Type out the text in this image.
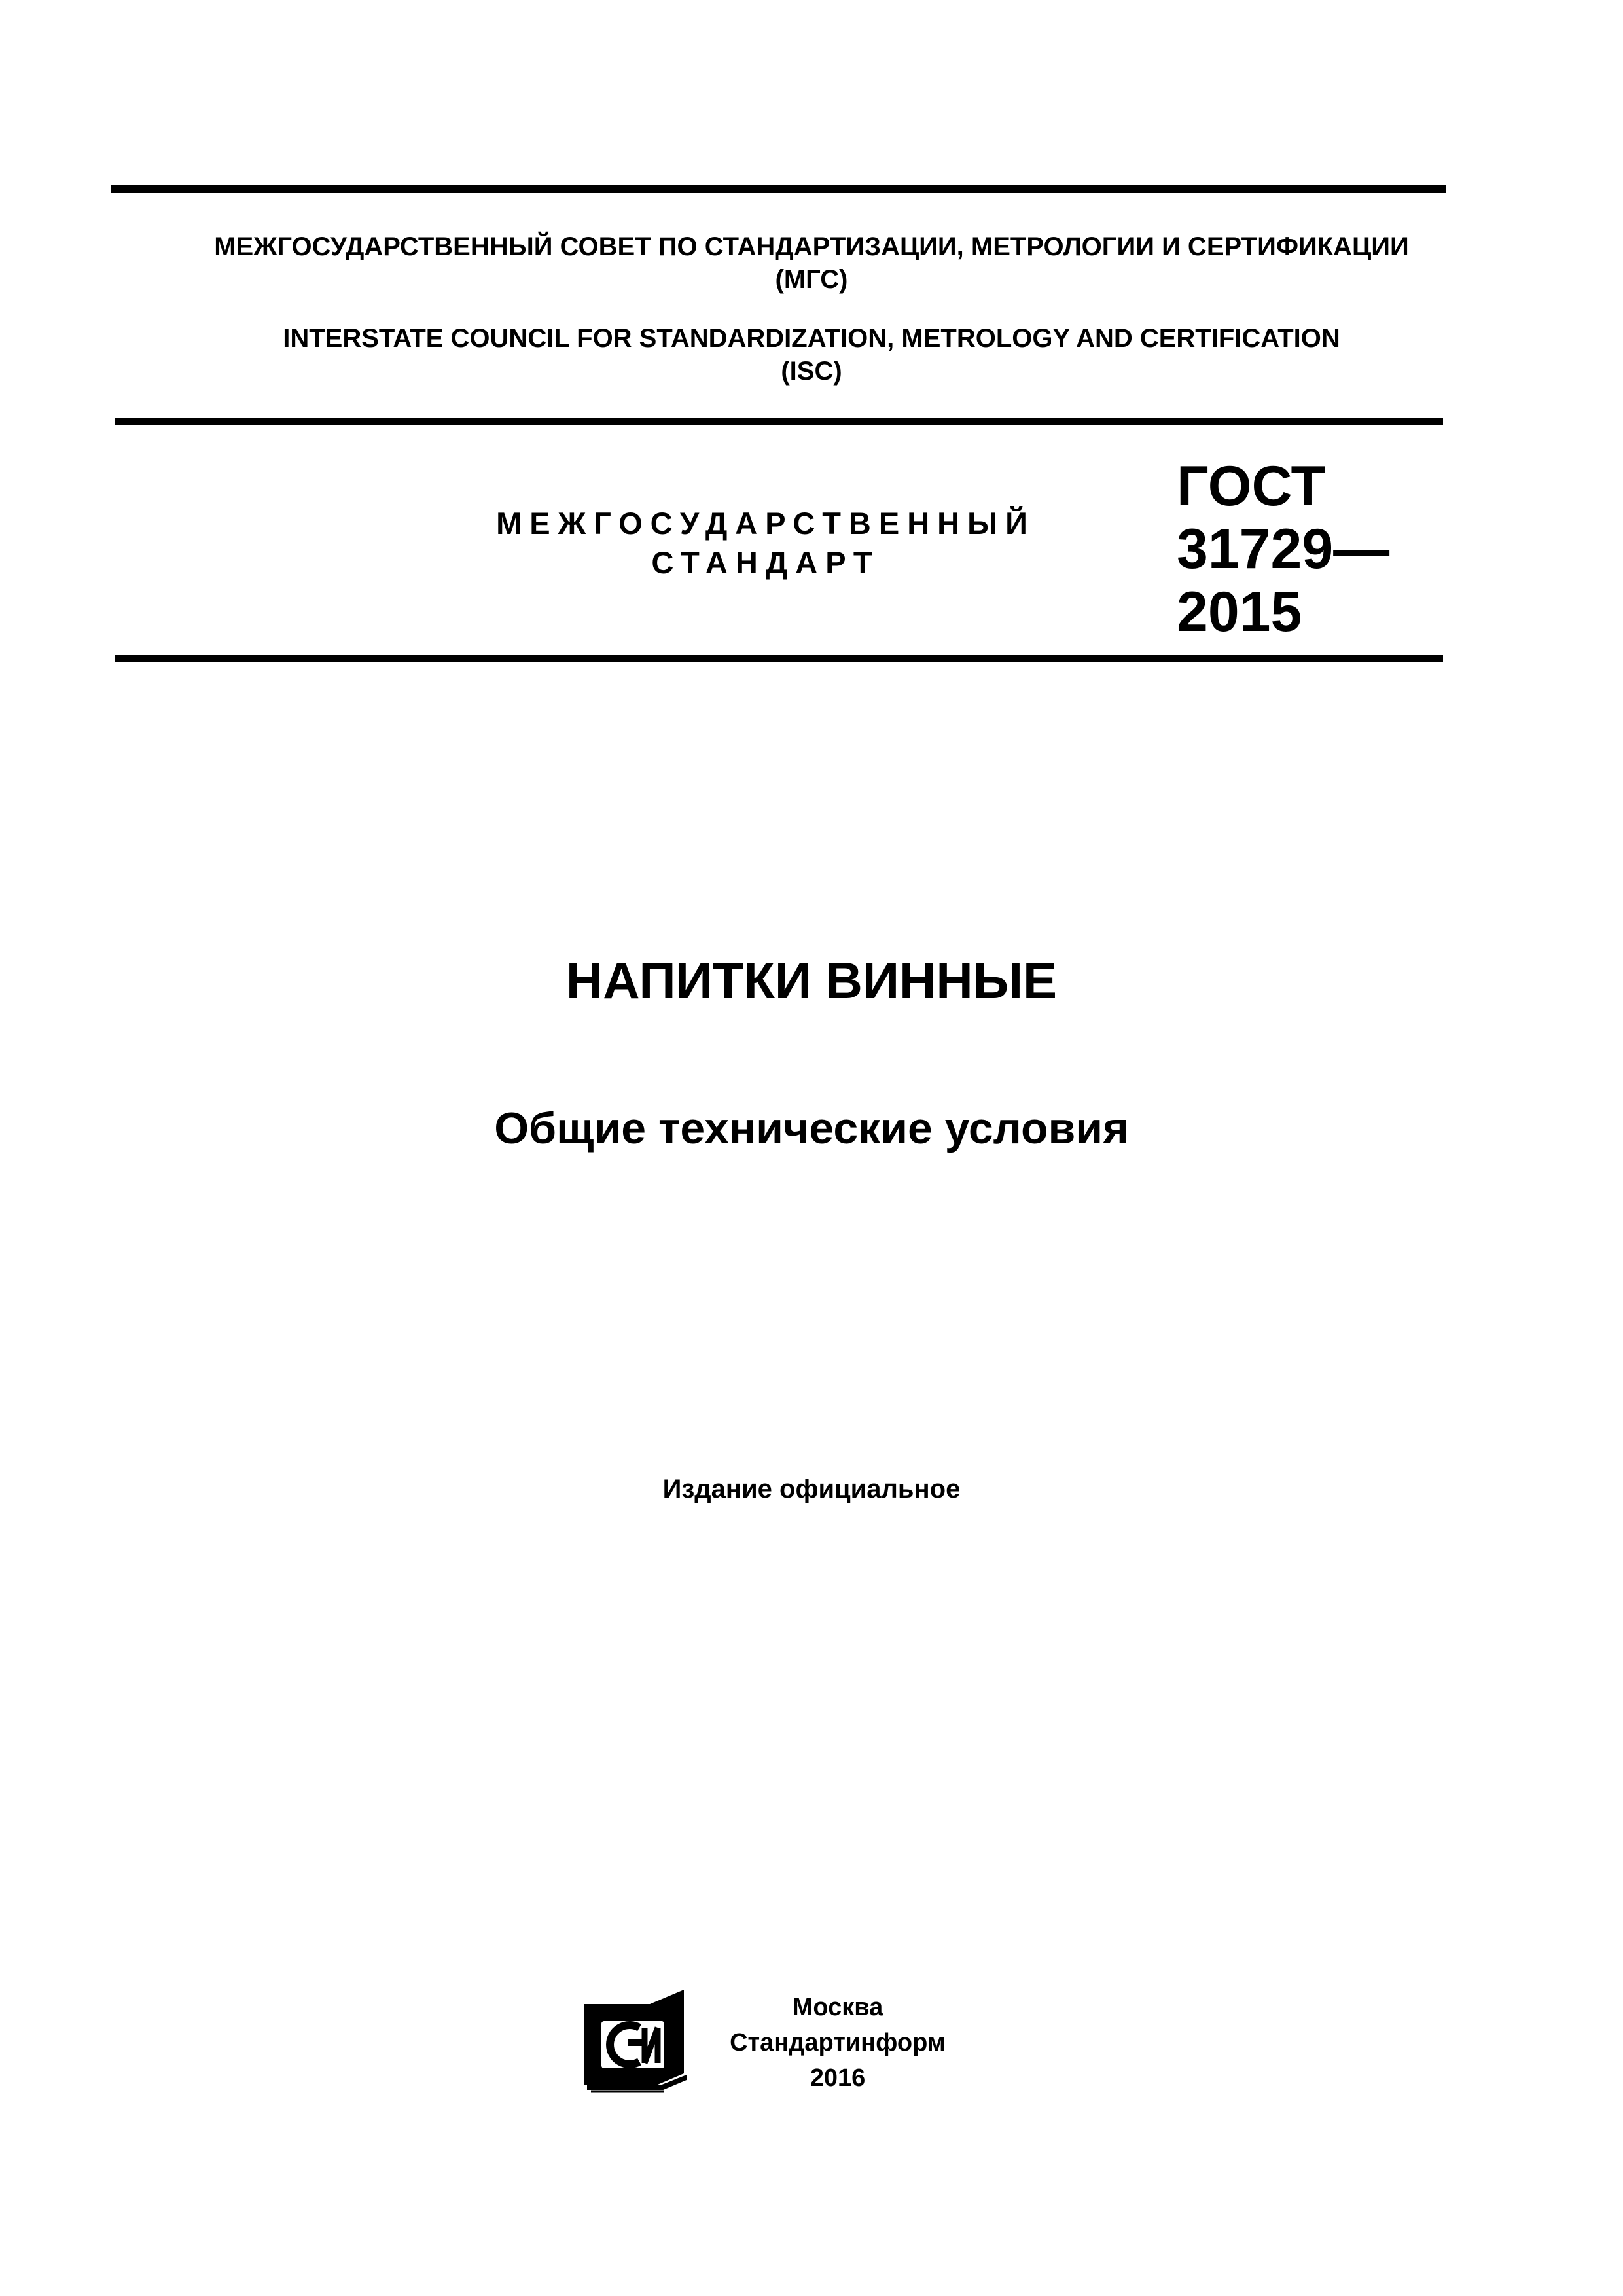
МЕЖГОСУДАРСТВЕННЫЙ СОВЕТ ПО СТАНДАРТИЗАЦИИ, МЕТРОЛОГИИ И СЕРТИФИКАЦИИ
(МГС)
INTERSTATE COUNCIL FOR STANDARDIZATION, METROLOGY AND CERTIFICATION
(ISC)
МЕЖГОСУДАРСТВЕННЫЙ
СТАНДАРТ
ГОСТ
31729—
2015
НАПИТКИ ВИННЫЕ
Общие технические условия
Издание официальное
Москва
Стандартинформ
2016
